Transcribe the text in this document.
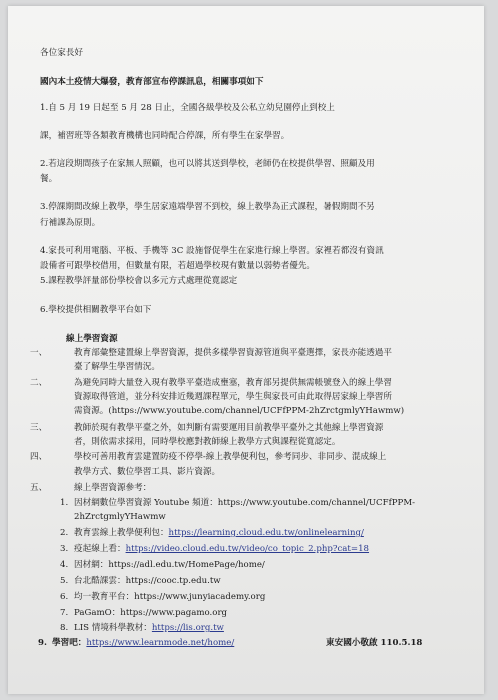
各位家長好
國內本土疫情大爆發，教育部宣布停課訊息，相關事項如下
1.自 5 月 19 日起至 5 月 28 日止，全國各級學校及公私立幼兒園停止到校上
課，補習班等各類教育機構也同時配合停課，所有學生在家學習。
2.若這段期間孩子在家無人照顧，也可以將其送到學校，老師仍在校提供學習、照顧及用
餐。
3.停課期間改線上教學，學生居家遠端學習不到校，線上教學為正式課程，暑假期間不另
行補課為原則。
4.家長可利用電腦、平板、手機等 3C 設施督促學生在家進行線上學習。家裡若都沒有資訊
設備者可跟學校借用，但數量有限，若超過學校現有數量以弱勢者優先。
5.課程教學評量部份學校會以多元方式處理從寬認定
6.學校提供相關教學平台如下
線上學習資源
一、	教育部彙整建置線上學習資源，提供多樣學習資源管道與平臺選擇，家長亦能透過平
臺了解學生學習情況。
二、	為避免同時大量登入現有教學平臺造成壅塞，教育部另提供無需帳號登入的線上學習
資源取得管道，並分科安排近幾週課程單元，學生與家長可由此取得居家線上學習所
需資源。(https://www.youtube.com/channel/UCFfPPM-2hZrctgmlyYHawmw)
三、	教師於現有教學平臺之外，如判斷有需要運用目前教學平臺外之其他線上學習資源
者，則依需求採用，同時學校應對教師線上教學方式與課程從寬認定。
四、	學校可善用教育雲建置防疫不停學-線上教學便利包，參考同步、非同步、混成線上
教學方式、數位學習工具、影片資源。
五、	線上學習資源參考：
1. 因材網數位學習資源 Youtube 頻道：https://www.youtube.com/channel/UCFfPPM-
2hZrctgmlyYHawmw
2. 教育雲線上教學便利包：https://learning.cloud.edu.tw/onlinelearning/
3. 疫起線上看：https://video.cloud.edu.tw/video/co_topic_2.php?cat=18
4. 因材網：https://adl.edu.tw/HomePage/home/
5. 台北酷課雲：https://cooc.tp.edu.tw
6. 均一教育平台：https://www.junyiacademy.org
7. PaGamO：https://www.pagamo.org
8. LIS 情境科學教材：https://lis.org.tw
9. 學習吧：https://www.learnmode.net/home/	東安國小敬啟 110.5.18
